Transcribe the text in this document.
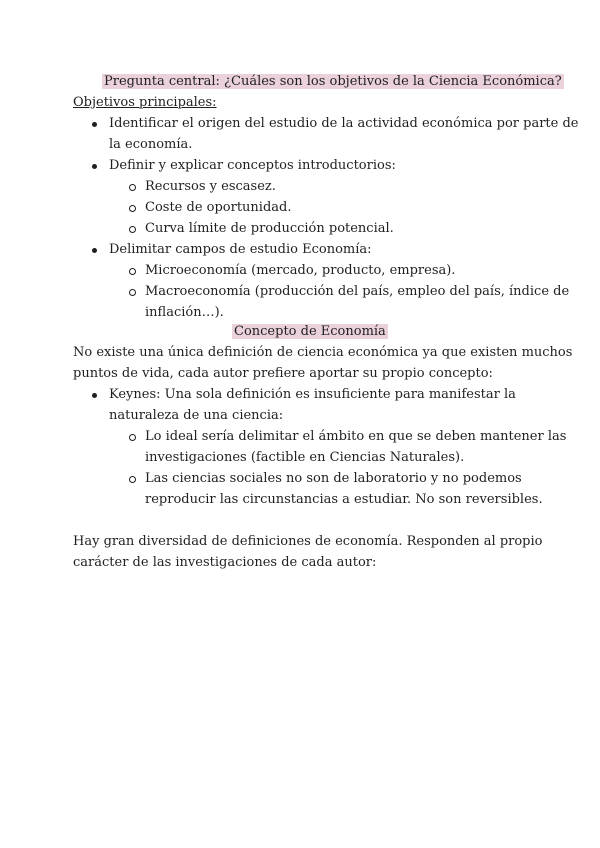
Pregunta central: ¿Cuáles son los objetivos de la Ciencia Económica?
Objetivos principales:
Identificar el origen del estudio de la actividad económica por parte de
la economía.
Definir y explicar conceptos introductorios:
Recursos y escasez.
Coste de oportunidad.
Curva límite de producción potencial.
Delimitar campos de estudio Economía:
Microeconomía (mercado, producto, empresa).
Macroeconomía (producción del país, empleo del país, índice de
inflación…).
Concepto de Economía
No existe una única definición de ciencia económica ya que existen muchos
puntos de vida, cada autor prefiere aportar su propio concepto:
Keynes: Una sola definición es insuficiente para manifestar la
naturaleza de una ciencia:
Lo ideal sería delimitar el ámbito en que se deben mantener las
investigaciones (factible en Ciencias Naturales).
Las ciencias sociales no son de laboratorio y no podemos
reproducir las circunstancias a estudiar. No son reversibles.
Hay gran diversidad de definiciones de economía. Responden al propio
carácter de las investigaciones de cada autor:
